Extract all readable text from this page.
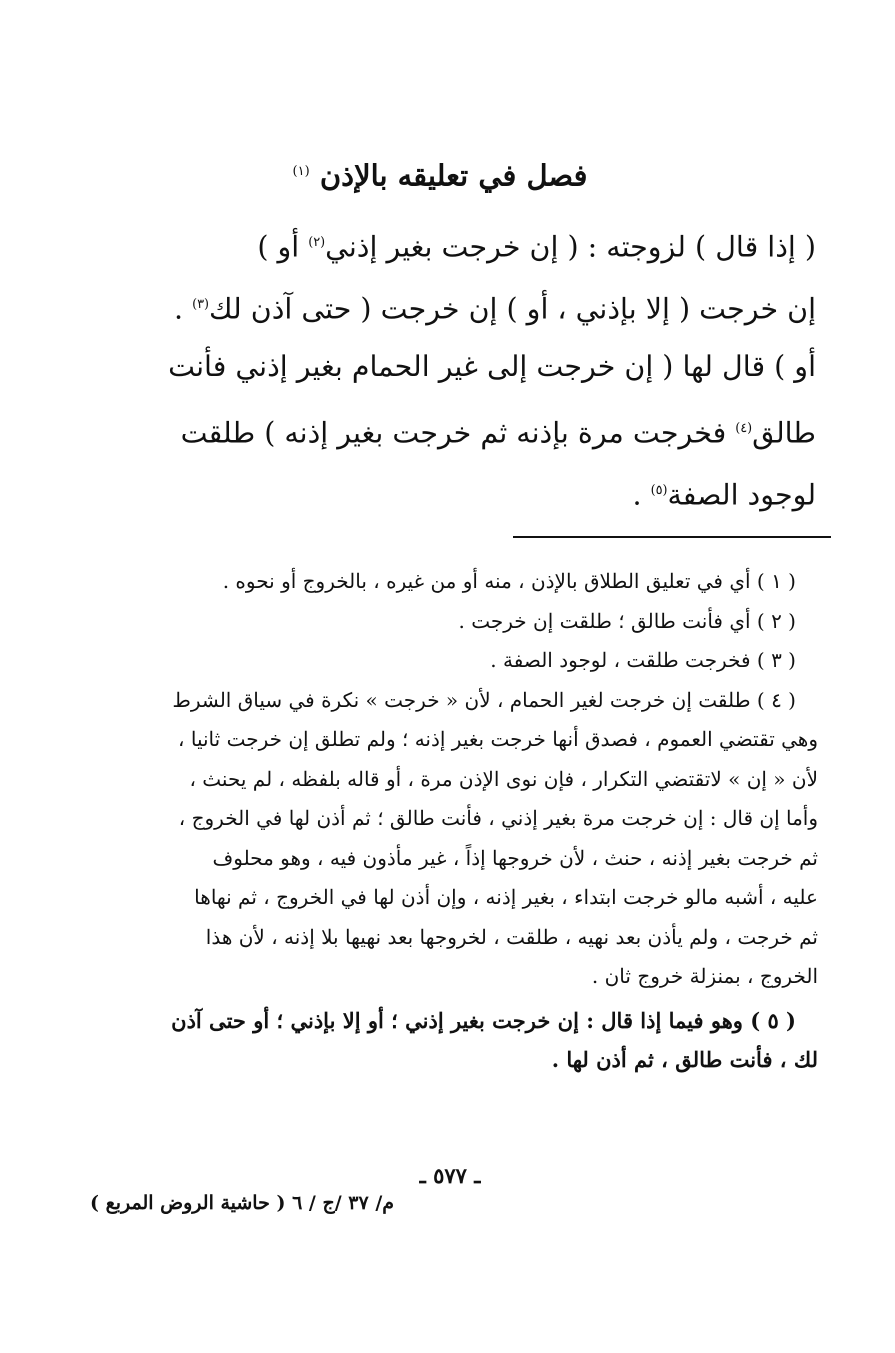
فصل في تعليقه بالإذن $^{(١)}$
( إذا قال ) لزوجته : ( إن خرجت بغير إذني$^{(٢)}$ أو )
إن خرجت ( إلا بإذني ، أو ) إن خرجت ( حتى آذن لك$^{(٣)}$ .
أو ) قال لها ( إن خرجت إلى غير الحمام بغير إذني فأنت
طالق$^{(٤)}$ فخرجت مرة بإذنه ثم خرجت بغير إذنه ) طلقت
لوجود الصفة$^{(٥)}$ .
( ١ ) أي في تعليق الطلاق بالإذن ، منه أو من غيره ، بالخروج أو نحوه .
( ٢ ) أي فأنت طالق ؛ طلقت إن خرجت .
( ٣ ) فخرجت طلقت ، لوجود الصفة .
( ٤ ) طلقت إن خرجت لغير الحمام ، لأن « خرجت » نكرة في سياق الشرط
وهي تقتضي العموم ، فصدق أنها خرجت بغير إذنه ؛ ولم تطلق إن خرجت ثانيا ،
لأن « إن » لاتقتضي التكرار ، فإن نوى الإذن مرة ، أو قاله بلفظه ، لم يحنث ،
وأما إن قال : إن خرجت مرة بغير إذني ، فأنت طالق ؛ ثم أذن لها في الخروج ،
ثم خرجت بغير إذنه ، حنث ، لأن خروجها إذاً ، غير مأذون فيه ، وهو محلوف
عليه ، أشبه مالو خرجت ابتداء ، بغير إذنه ، وإن أذن لها في الخروج ، ثم نهاها
ثم خرجت ، ولم يأذن بعد نهيه ، طلقت ، لخروجها بعد نهيها بلا إذنه ، لأن هذا
الخروج ، بمنزلة خروج ثان .
( ٥ ) وهو فيما إذا قال : إن خرجت بغير إذني ؛ أو إلا بإذني ؛ أو حتى آذن
لك ، فأنت طالق ، ثم أذن لها .
ـ ٥٧٧ ـ
م/ ٣٧ /ج / ٦ ( حاشية الروض المربع )
